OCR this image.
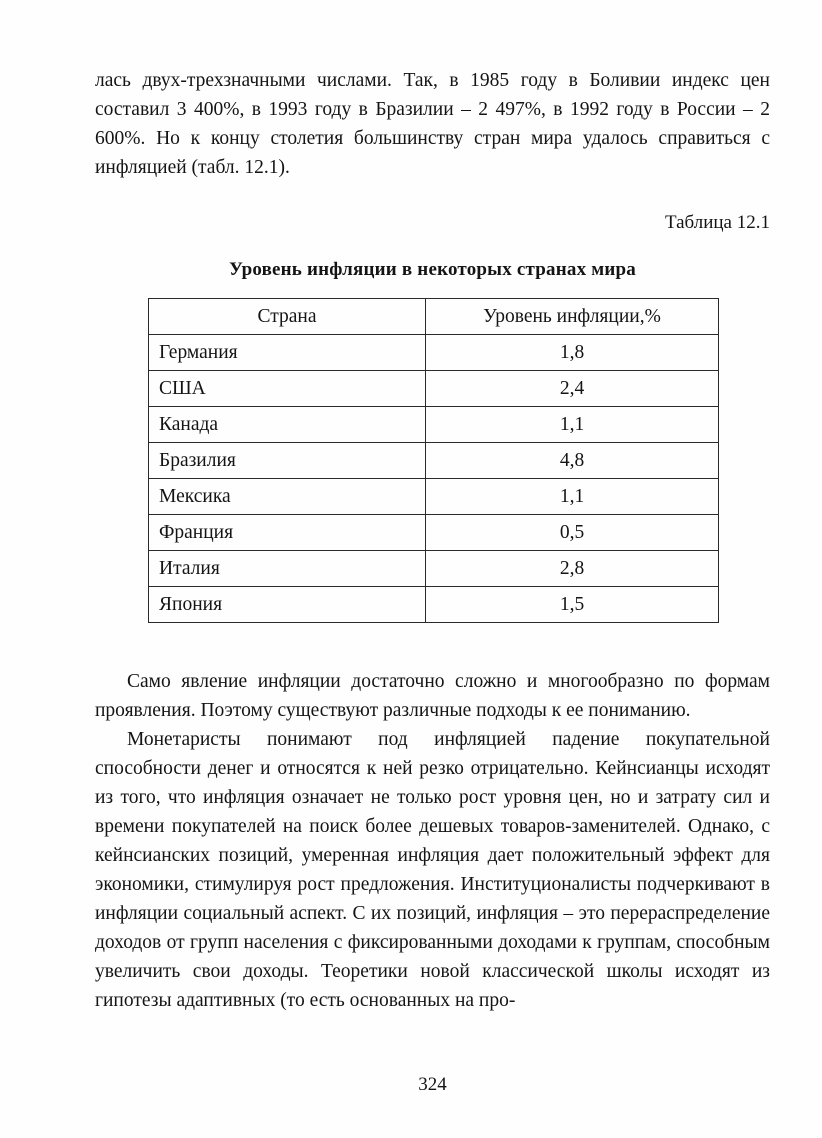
лась двух-трехзначными числами. Так, в 1985 году в Боливии индекс цен составил 3 400%, в 1993 году в Бразилии – 2 497%, в 1992 году в России – 2 600%. Но к концу столетия большинству стран мира удалось справиться с инфляцией (табл. 12.1).

Таблица 12.1
Уровень инфляции в некоторых странах мира
Страна	Уровень инфляции,%
Германия	1,8
США	2,4
Канада	1,1
Бразилия	4,8
Мексика	1,1
Франция	0,5
Италия	2,8
Япония	1,5

Само явление инфляции достаточно сложно и многообразно по формам проявления. Поэтому существуют различные подходы к ее пониманию.

Монетаристы понимают под инфляцией падение покупательной способности денег и относятся к ней резко отрицательно. Кейнсианцы исходят из того, что инфляция означает не только рост уровня цен, но и затрату сил и времени покупателей на поиск более дешевых товаров-заменителей. Однако, с кейнсианских позиций, умеренная инфляция дает положительный эффект для экономики, стимулируя рост предложения. Институционалисты подчеркивают в инфляции социальный аспект. С их позиций, инфляция – это перераспределение доходов от групп населения с фиксированными доходами к группам, способным увеличить свои доходы. Теоретики новой классической школы исходят из гипотезы адаптивных (то есть основанных на про-

324
